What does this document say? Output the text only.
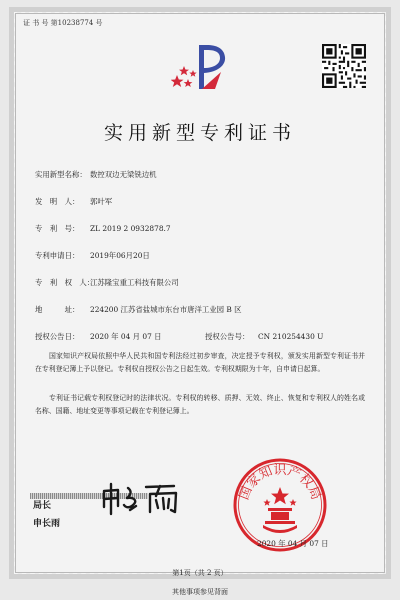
证 书 号 第10238774 号
实用新型专利证书
实用新型名称： 数控双边无梁铣边机
发　明　人： 郭叶军
专　利　号： ZL 2019 2 0932878.7
专利申请日： 2019年06月20日
专　利　权　人：
江苏隆宝重工科技有限公司
地　　　址： 224200 江苏省盐城市东台市唐洋工业园 B 区
授权公告日： 2020 年 04 月 07 日	授权公告号： CN 210254430 U
国家知识产权局依照中华人民共和国专利法经过初步审查，决定授予专利权，颁发实用新型专利证书并在专利登记簿上予以登记。专利权自授权公告之日起生效。专利权期限为十年，自申请日起算。
专利证书记载专利权登记时的法律状况。专利权的转移、质押、无效、终止、恢复和专利权人的姓名或名称、国籍、地址变更等事项记载在专利登记簿上。
局长
申长雨
国家知识产权局
2020 年 04 月 07 日
第1页（共 2 页）
其他事项参见背面
